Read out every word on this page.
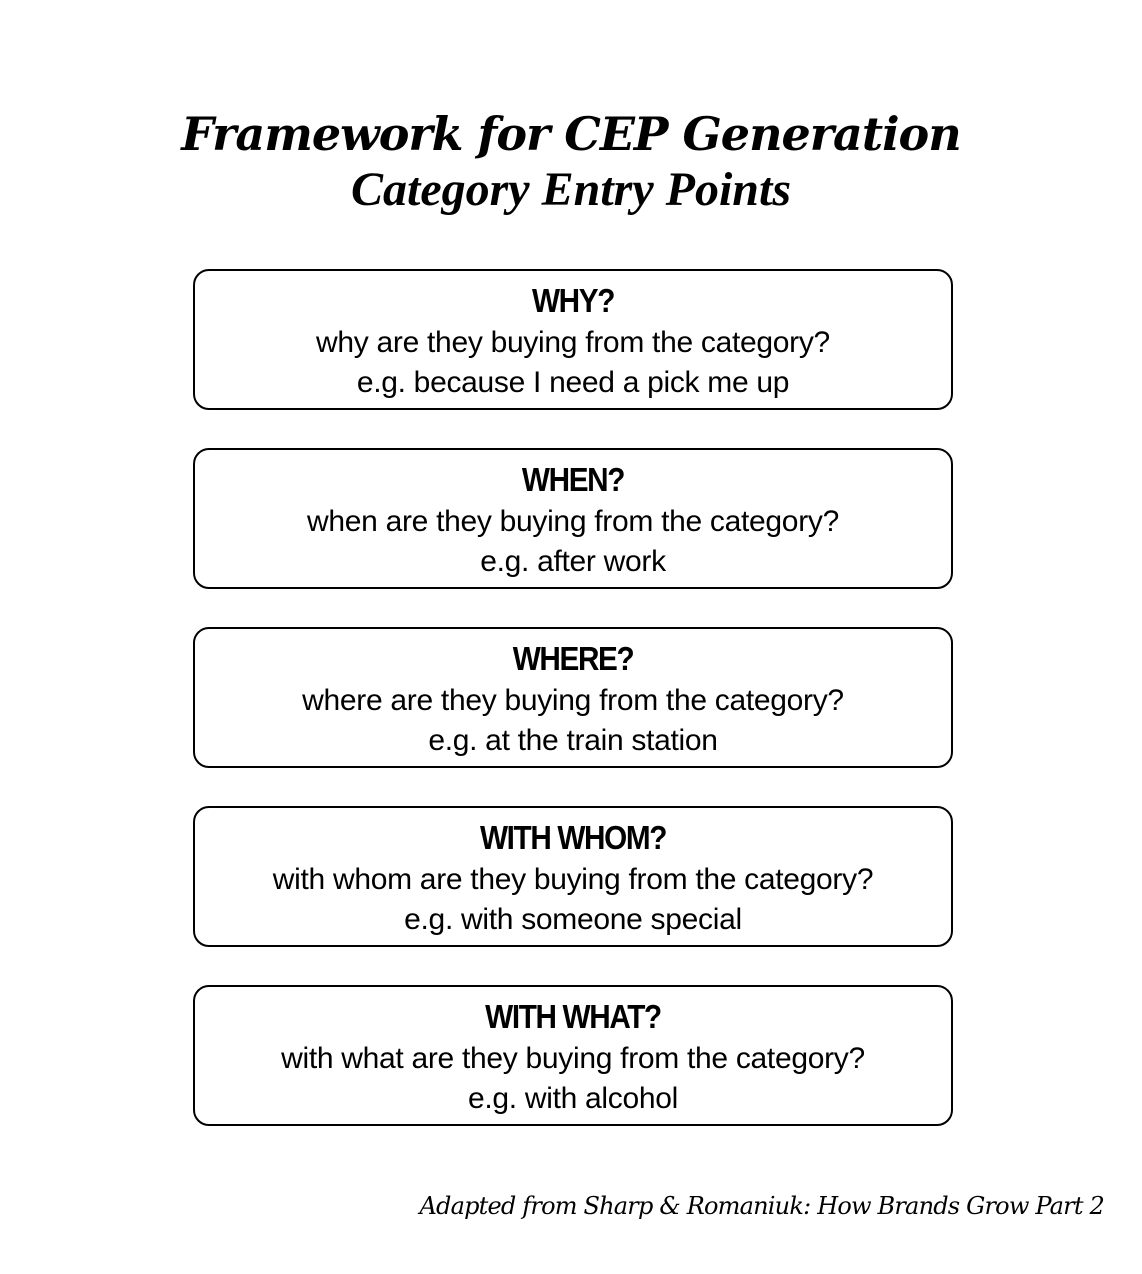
Framework for CEP Generation
Category Entry Points
WHY?
why are they buying from the category?
e.g. because I need a pick me up
WHEN?
when are they buying from the category?
e.g. after work
WHERE?
where are they buying from the category?
e.g. at the train station
WITH WHOM?
with whom are they buying from the category?
e.g. with someone special
WITH WHAT?
with what are they buying from the category?
e.g. with alcohol
Adapted from Sharp & Romaniuk: How Brands Grow Part 2
